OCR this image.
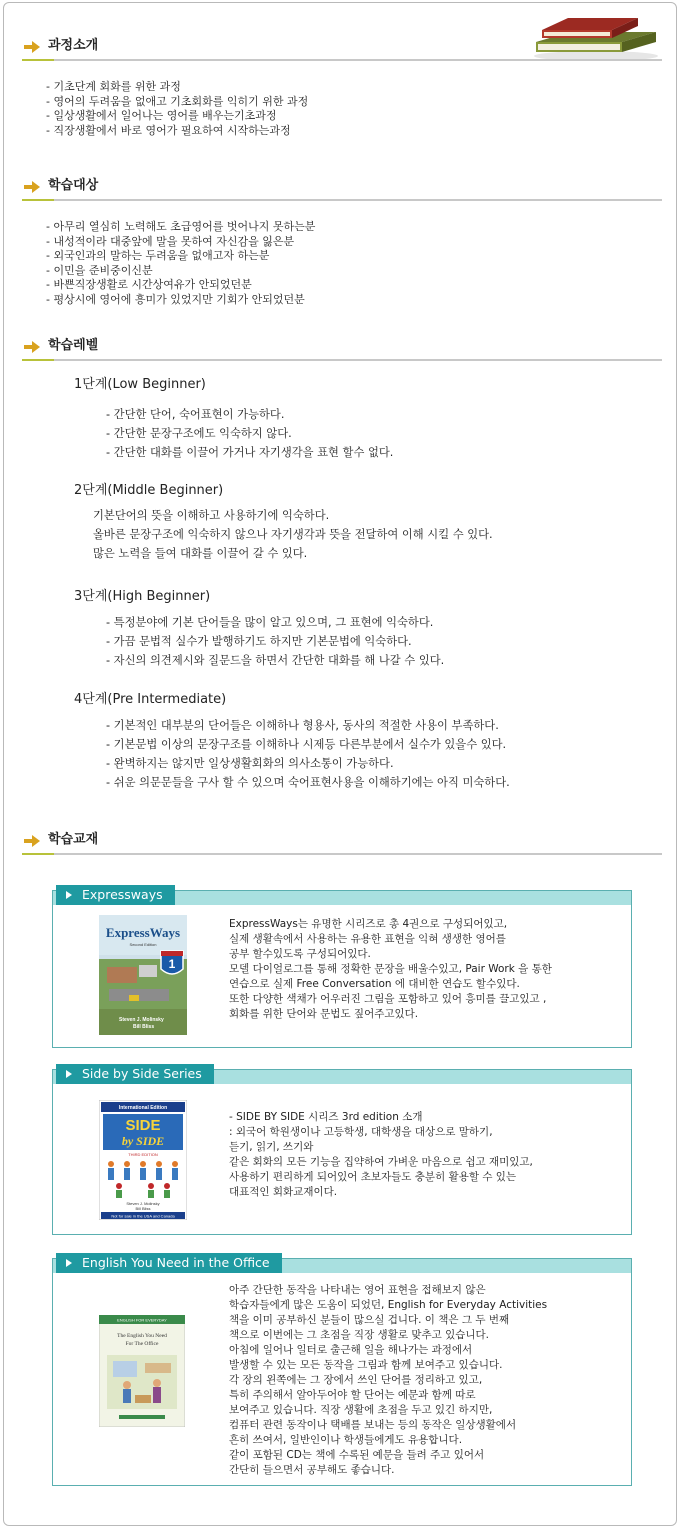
과정소개
- 기초단계 회화를 위한 과정
- 영어의 두려움을 없애고 기초회화를 익히기 위한 과정
- 일상생활에서 일어나는 영어를 배우는기초과정
- 직장생활에서 바로 영어가 필요하여 시작하는과정
학습대상
- 아무리 열심히 노력해도 초급영어를 벗어나지 못하는분
- 내성적이라 대중앞에 말을 못하여 자신감을 잃은분
- 외국인과의 말하는 두려움을 없애고자 하는분
- 이민을 준비중이신분
- 바쁜직장생활로 시간상여유가 안되었던분
- 평상시에 영어에 흥미가 있었지만 기회가 안되었던분
학습레벨
1단계(Low Beginner)
- 간단한 단어, 숙어표현이 가능하다.
- 간단한 문장구조에도 익숙하지 않다.
- 간단한 대화를 이끌어 가거나 자기생각을 표현 할수 없다.
2단계(Middle Beginner)
기본단어의 뜻을 이해하고 사용하기에 익숙하다.
올바른 문장구조에 익숙하지 않으나 자기생각과 뜻을 전달하여 이해 시킬 수 있다.
많은 노력을 들여 대화를 이끌어 갈 수 있다.
3단계(High Beginner)
- 특정분야에 기본 단어들을 많이 알고 있으며, 그 표현에 익숙하다.
- 가끔 문법적 실수가 발행하기도 하지만 기본문법에 익숙하다.
- 자신의 의견제시와 질문드을 하면서 간단한 대화를 해 나갈 수 있다.
4단계(Pre Intermediate)
- 기본적인 대부분의 단어들은 이해하나 형용사, 동사의 적절한 사용이 부족하다.
- 기본문법 이상의 문장구조를 이해하나 시제등 다른부분에서 실수가 있을수 있다.
- 완벽하지는 않지만 일상생활회화의 의사소통이 가능하다.
- 쉬운 의문문들을 구사 할 수 있으며 숙어표현사용을 이해하기에는 아직 미숙하다.
학습교재
Expressways
ExpressWays
Second Edition
1
Steven J. Molinsky
Bill Bliss
ExpressWays는 유명한 시리즈로 총 4권으로 구성되어있고,
실제 생활속에서 사용하는 유용한 표현을 익혀 생생한 영어를
공부 할수있도록 구성되어있다.
모델 다이얼로그를 통해 정확한 문장을 배울수있고, Pair Work 을 통한
연습으로 실제 Free Conversation 에 대비한 연습도 할수있다.
또한 다양한 색채가 어우러진 그림을 포함하고 있어 흥미를 끌고있고 ,
회화를 위한 단어와 문법도 짚어주고있다.
Side by Side Series
International Edition
SIDE
by SIDE
THIRD EDITION
Steven J. Molinsky
Bill Bliss
Not for sale in the USA and Canada
- SIDE BY SIDE 시리즈 3rd edition 소개
: 외국어 학원생이나 고등학생, 대학생을 대상으로 말하기,
듣기, 읽기, 쓰기와
같은 회화의 모든 기능을 집약하여 가벼운 마음으로 쉽고 재미있고,
사용하기 편리하게 되어있어 초보자들도 충분히 활용할 수 있는
대표적인 회화교재이다.
English You Need in the Office
ENGLISH FOR EVERYDAY
The English You Need
For The Office
아주 간단한 동작을 나타내는 영어 표현을 접해보지 않은
학습자들에게 많은 도움이 되었던, English for Everyday Activities
책을 이미 공부하신 분들이 많으실 겁니다. 이 책은 그 두 번째
책으로 이번에는 그 초점을 직장 생활로 맞추고 있습니다.
아침에 일어나 일터로 출근해 일을 해나가는 과정에서
발생할 수 있는 모든 동작을 그림과 함께 보여주고 있습니다.
각 장의 왼쪽에는 그 장에서 쓰인 단어를 정리하고 있고,
특히 주의해서 알아두어야 할 단어는 예문과 함께 따로
보여주고 있습니다. 직장 생활에 초점을 두고 있긴 하지만,
컴퓨터 관련 동작이나 택배를 보내는 등의 동작은 일상생활에서
흔히 쓰여서, 일반인이나 학생들에게도 유용합니다.
같이 포함된 CD는 책에 수록된 예문을 들려 주고 있어서
간단히 들으면서 공부해도 좋습니다.
